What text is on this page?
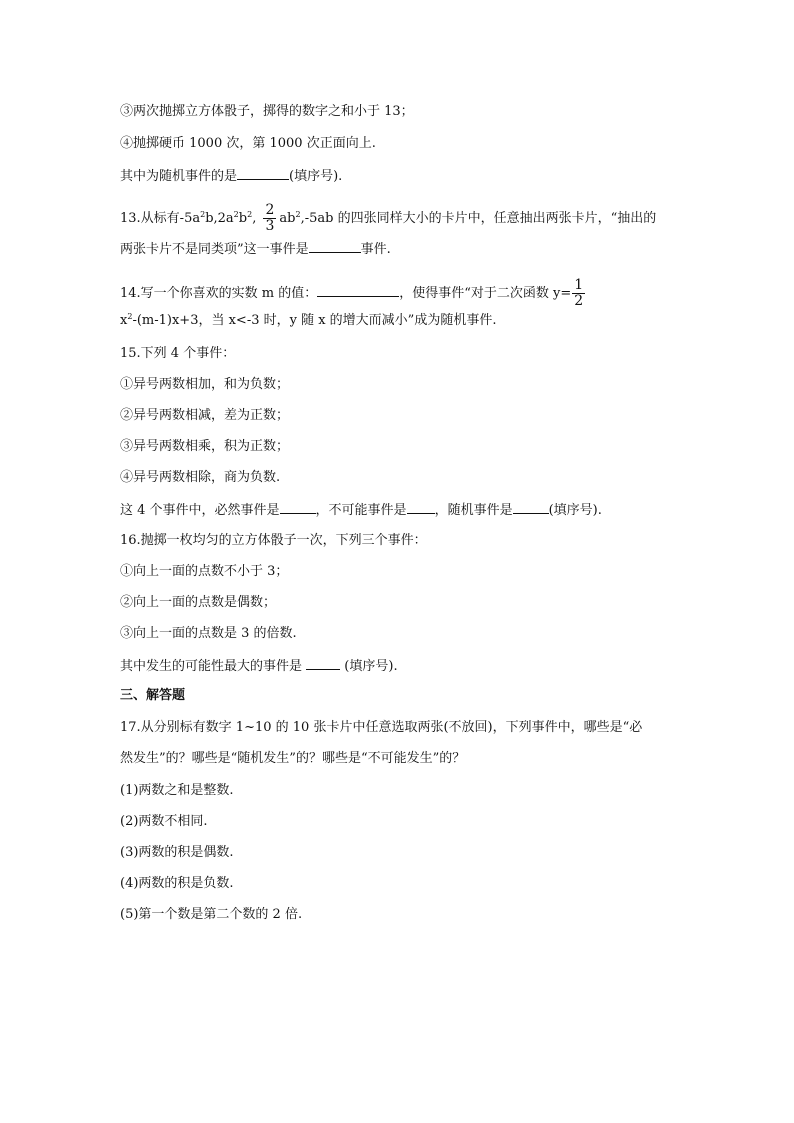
③两次抛掷立方体骰子，掷得的数字之和小于 13；
④抛掷硬币 1000 次，第 1000 次正面向上.
其中为随机事件的是	(填序号).
13.从标有$-5a^2b,2a^2b^2$, $\frac{2}{3} ab^2,-5ab$ 的四张同样大小的卡片中，任意抽出两张卡片，“抽出的
两张卡片不是同类项”这一事件是	事件.
14.写一个你喜欢的实数 m 的值：	，使得事件“对于二次函数 $y= \frac{1}{2}$
$x^2-(m-1)x+3$，当 x<-3 时，y 随 x 的增大而减小”成为随机事件.
15.下列 4 个事件：
①异号两数相加，和为负数；
②异号两数相减，差为正数；
③异号两数相乘，积为正数；
④异号两数相除，商为负数.
这 4 个事件中，必然事件是	，不可能事件是 ，随机事件是	(填序号).
16.抛掷一枚均匀的立方体骰子一次，下列三个事件：
①向上一面的点数不小于 3；
②向上一面的点数是偶数；
③向上一面的点数是 3 的倍数.
其中发生的可能性最大的事件是	(填序号).
三、解答题
17.从分别标有数字 1~10 的 10 张卡片中任意选取两张(不放回)，下列事件中，哪些是“必
然发生”的？哪些是“随机发生”的？哪些是“不可能发生”的？
(1)两数之和是整数.
(2)两数不相同.
(3)两数的积是偶数.
(4)两数的积是负数.
(5)第一个数是第二个数的 2 倍.
